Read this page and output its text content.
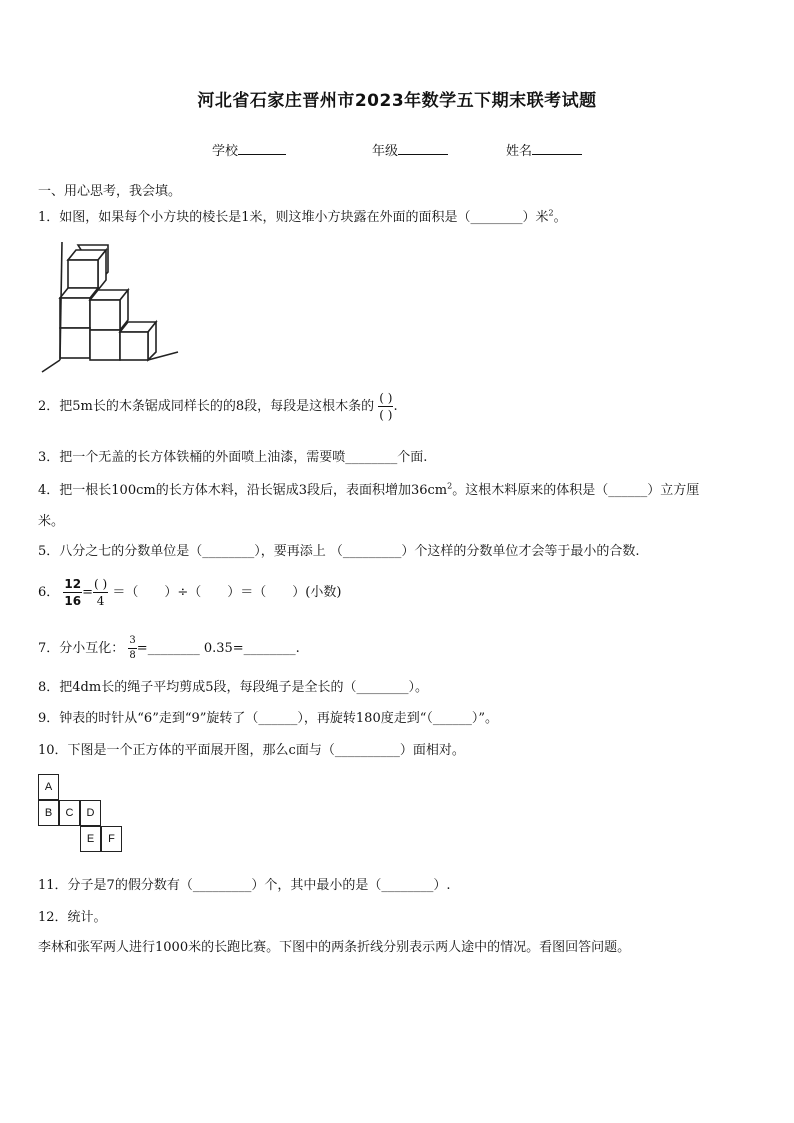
河北省石家庄晋州市2023年数学五下期末联考试题
学校	年级	姓名
一、用心思考，我会填。
1．如图，如果每个小方块的棱长是1米，则这堆小方块露在外面的面积是（________）米$^2$。
2．把5m长的木条锯成同样长的的8段，每段是这根木条的 $\frac{( )}{( )}$ .
3．把一个无盖的长方体铁桶的外面喷上油漆，需要喷________个面.
4．把一根长100cm的长方体木料，沿长锯成3段后，表面积增加$36cm^2$。这根木料原来的体积是（______）立方厘
米。
5．八分之七的分数单位是（________），要再添上 （_________）个这样的分数单位才会等于最小的合数.
6． $\frac{12}{16} = \frac{( )}{4}$ ＝（　　）÷（　　）＝（　　）(小数)
7．分小互化： $\frac{3}{8}$ =________ 0.35=________.
8．把4dm长的绳子平均剪成5段，每段绳子是全长的（________）。
9．钟表的时针从“6”走到“9”旋转了（______），再旋转180度走到“（______）”。
10．下图是一个正方体的平面展开图，那么c面与（__________）面相对。
A
B	C	D
E	F
11．分子是7的假分数有（_________）个，其中最小的是（________）.
12．统计。
李林和张军两人进行1000米的长跑比赛。下图中的两条折线分别表示两人途中的情况。看图回答问题。
